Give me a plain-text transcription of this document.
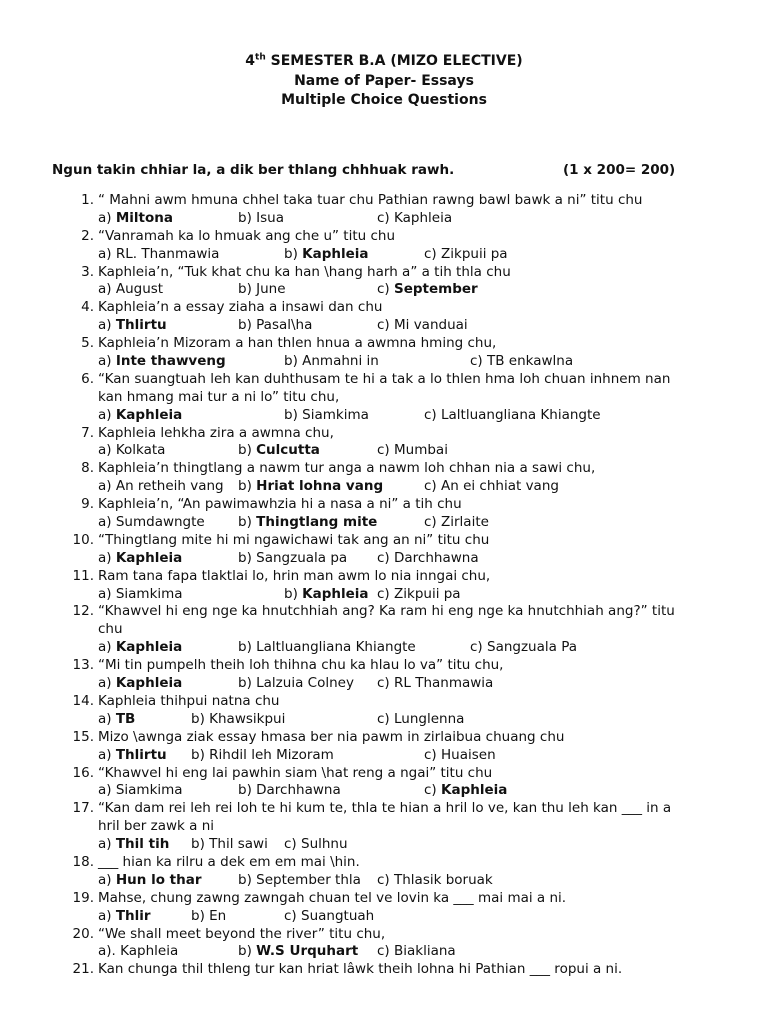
4th SEMESTER B.A (MIZO ELECTIVE)
Name of Paper- Essays
Multiple Choice Questions
Ngun takin chhiar la, a dik ber thlang chhhuak rawh.	(1 x 200= 200)
1. “ Mahni awm hmuna chhel taka tuar chu Pathian rawng bawl bawk a ni” titu chu
a) Miltona	b) Isua	c) Kaphleia
2. “Vanramah ka lo hmuak ang che u” titu chu
a) RL. Thanmawia	b) Kaphleia	c) Zikpuii pa
3. Kaphleia’n, “Tuk khat chu ka han \hang harh a” a tih thla chu
a) August	b) June	c) September
4. Kaphleia’n a essay ziaha a insawi dan chu
a) Thlirtu	b) Pasal\ha	c) Mi vanduai
5. Kaphleia’n Mizoram a han thlen hnua a awmna hming chu,
a) Inte thawveng	b) Anmahni in	c) TB enkawlna
6. “Kan suangtuah leh kan duhthusam te hi a tak a lo thlen hma loh chuan inhnem nan
kan hmang mai tur a ni lo” titu chu,
a) Kaphleia	b) Siamkima	c) Laltluangliana Khiangte
7. Kaphleia lehkha zira a awmna chu,
a) Kolkata	b) Culcutta	c) Mumbai
8. Kaphleia’n thingtlang a nawm tur anga a nawm loh chhan nia a sawi chu,
a) An retheih vang b) Hriat lohna vang	c) An ei chhiat vang
9. Kaphleia’n, “An pawimawhzia hi a nasa a ni” a tih chu
a) Sumdawngte b) Thingtlang mite	c) Zirlaite
10. “Thingtlang mite hi mi ngawichawi tak ang an ni” titu chu
a) Kaphleia	b) Sangzuala pa c) Darchhawna
11. Ram tana fapa tlaktlai lo, hrin man awm lo nia inngai chu,
a) Siamkima	b) Kaphleia c) Zikpuii pa
12. “Khawvel hi eng nge ka hnutchhiah ang? Ka ram hi eng nge ka hnutchhiah ang?” titu
chu
a) Kaphleia	b) Laltluangliana Khiangte	c) Sangzuala Pa
13. “Mi tin pumpelh theih loh thihna chu ka hlau lo va” titu chu,
a) Kaphleia	b) Lalzuia Colney c) RL Thanmawia
14. Kaphleia thihpui natna chu
a) TB	b) Khawsikpui	c) Lunglenna
15. Mizo \awnga ziak essay hmasa ber nia pawm in zirlaibua chuang chu
a) Thlirtu b) Rihdil leh Mizoram	c) Huaisen
16. “Khawvel hi eng lai pawhin siam \hat reng a ngai” titu chu
a) Siamkima	b) Darchhawna	c) Kaphleia
17. “Kan dam rei leh rei loh te hi kum te, thla te hian a hril lo ve, kan thu leh kan ___ in a
hril ber zawk a ni
a) Thil tih b) Thil sawi c) Sulhnu
18. ___ hian ka rilru a dek em em mai \hin.
a) Hun lo thar	b) September thla c) Thlasik boruak
19. Mahse, chung zawng zawngah chuan tel ve lovin ka ___ mai mai a ni.
a) Thlir	b) En	c) Suangtuah
20. “We shall meet beyond the river” titu chu,
a). Kaphleia	b) W.S Urquhart c) Biakliana
21. Kan chunga thil thleng tur kan hriat lâwk theih lohna hi Pathian ___ ropui a ni.
